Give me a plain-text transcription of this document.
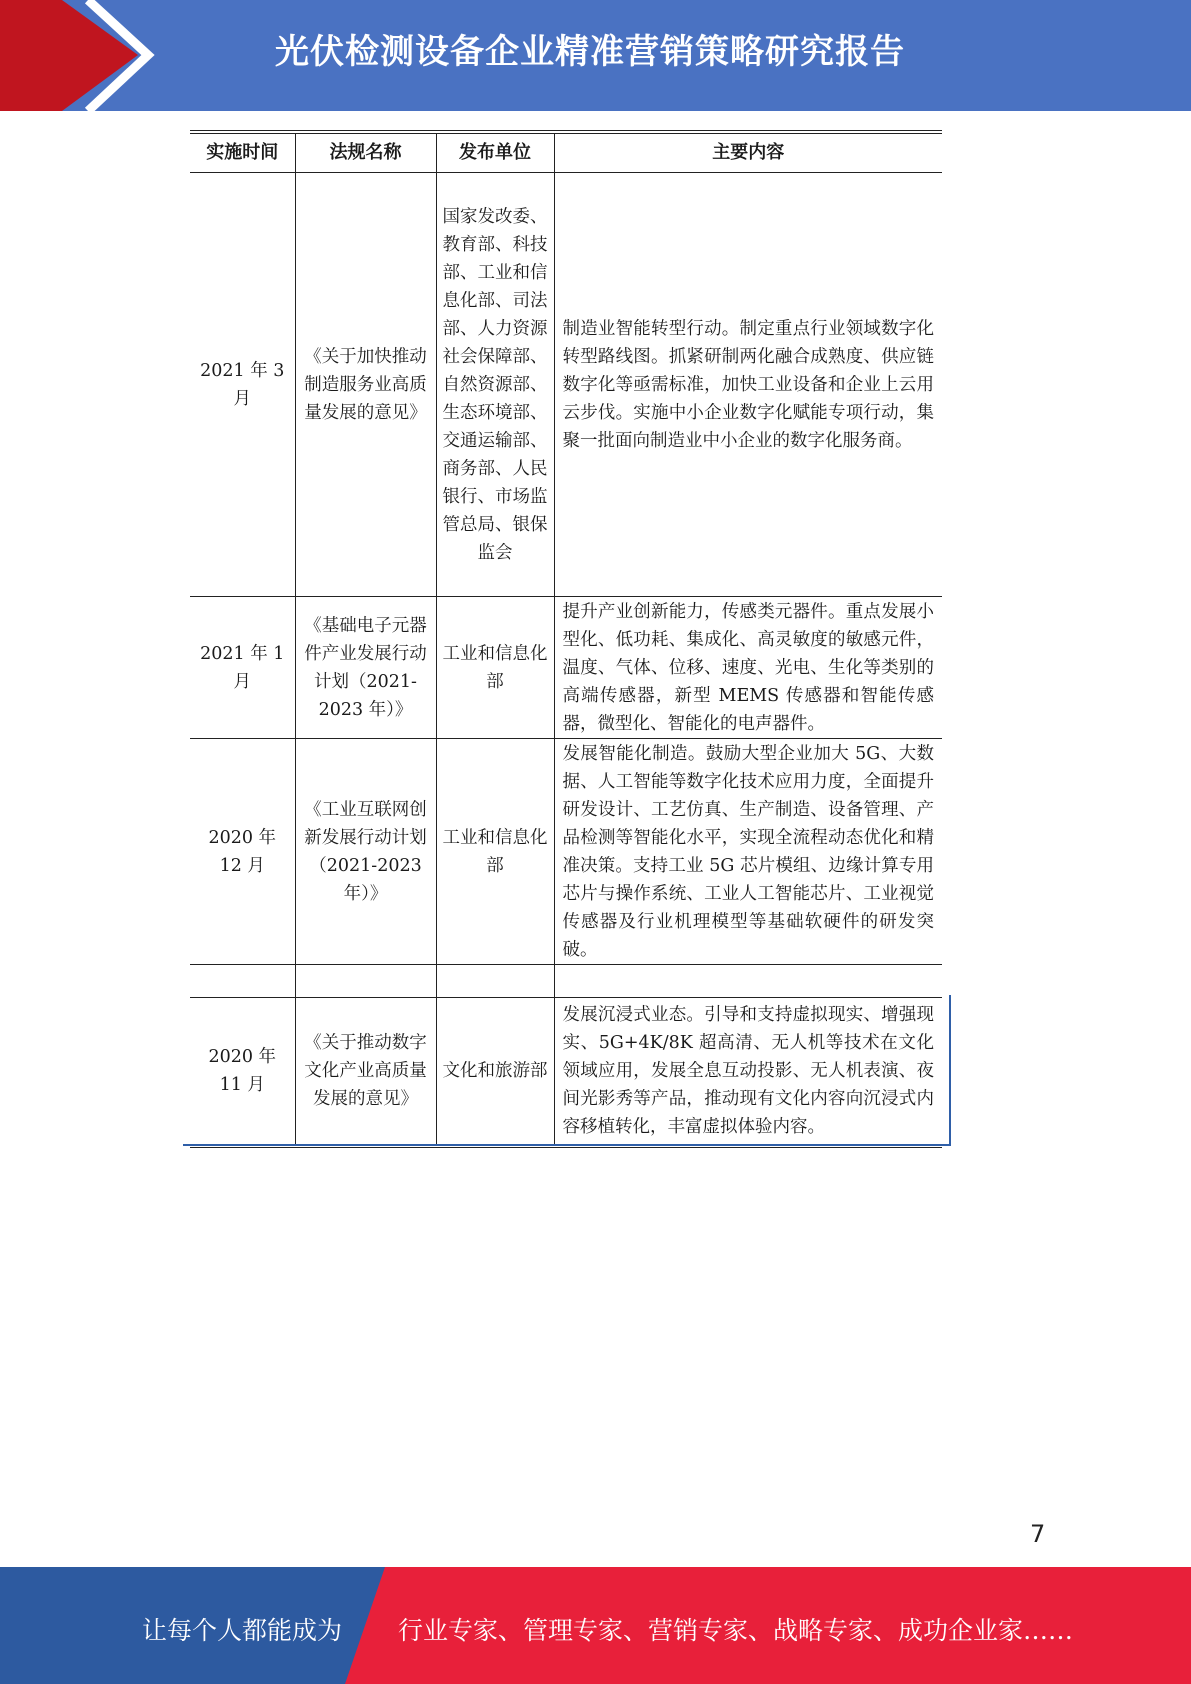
光伏检测设备企业精准营销策略研究报告
实施时间	法规名称	发布单位	主要内容
2021 年 3 月	《关于加快推动制造服务业高质量发展的意见》	国家发改委、教育部、科技部、工业和信息化部、司法部、人力资源社会保障部、自然资源部、生态环境部、交通运输部、商务部、人民银行、市场监管总局、银保监会	制造业智能转型行动。制定重点行业领域数字化转型路线图。抓紧研制两化融合成熟度、供应链数字化等亟需标准，加快工业设备和企业上云用云步伐。实施中小企业数字化赋能专项行动，集聚一批面向制造业中小企业的数字化服务商。
2021 年 1 月	《基础电子元器件产业发展行动计划（2021-2023 年）》	工业和信息化部	提升产业创新能力，传感类元器件。重点发展小型化、低功耗、集成化、高灵敏度的敏感元件，温度、气体、位移、速度、光电、生化等类别的高端传感器，新型 MEMS 传感器和智能传感器，微型化、智能化的电声器件。
2020 年 12 月	《工业互联网创新发展行动计划（2021-2023 年）》	工业和信息化部	发展智能化制造。鼓励大型企业加大 5G、大数据、人工智能等数字化技术应用力度，全面提升研发设计、工艺仿真、生产制造、设备管理、产品检测等智能化水平，实现全流程动态优化和精准决策。支持工业 5G 芯片模组、边缘计算专用芯片与操作系统、工业人工智能芯片、工业视觉传感器及行业机理模型等基础软硬件的研发突破。

2020 年 11 月	《关于推动数字文化产业高质量发展的意见》	文化和旅游部	发展沉浸式业态。引导和支持虚拟现实、增强现实、5G+4K/8K 超高清、无人机等技术在文化领域应用，发展全息互动投影、无人机表演、夜间光影秀等产品，推动现有文化内容向沉浸式内容移植转化，丰富虚拟体验内容。
7
让每个人都能成为 行业专家、管理专家、营销专家、战略专家、成功企业家……
